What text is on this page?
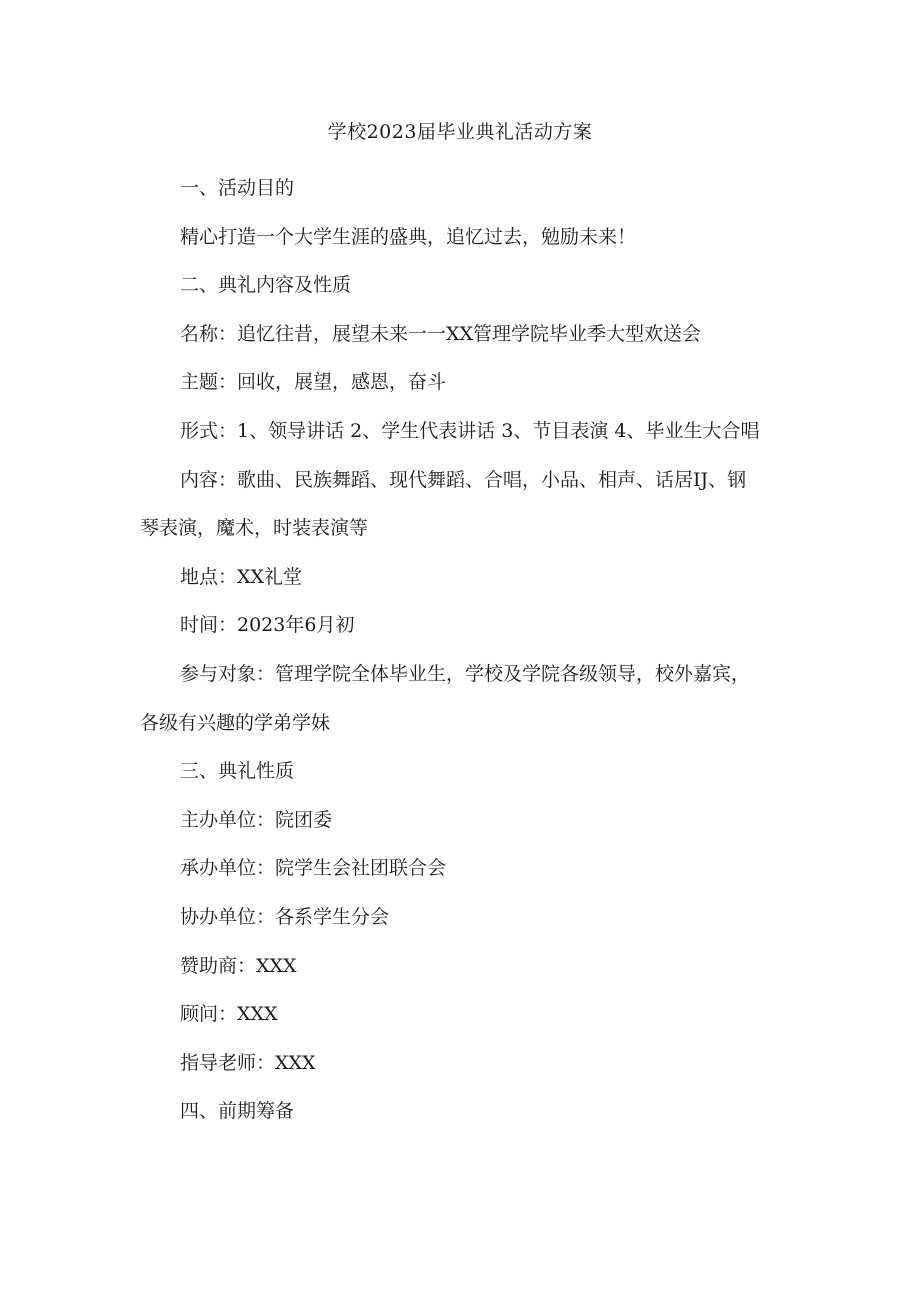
学校2023届毕业典礼活动方案

一、活动目的

精心打造一个大学生涯的盛典，追忆过去，勉励未来！

二、典礼内容及性质

名称：追忆往昔，展望未来一一XX管理学院毕业季大型欢送会

主题：回收，展望，感恩，奋斗

形式：1、领导讲话 2、学生代表讲话 3、节目表演 4、毕业生大合唱

内容：歌曲、民族舞蹈、现代舞蹈、合唱，小品、相声、话居IJ、钢

琴表演，魔术，时装表演等

地点：XX礼堂

时间：2023年6月初

参与对象：管理学院全体毕业生，学校及学院各级领导，校外嘉宾，

各级有兴趣的学弟学妹

三、典礼性质

主办单位：院团委

承办单位：院学生会社团联合会

协办单位：各系学生分会

赞助商：XXX

顾问：XXX

指导老师：XXX

四、前期筹备
